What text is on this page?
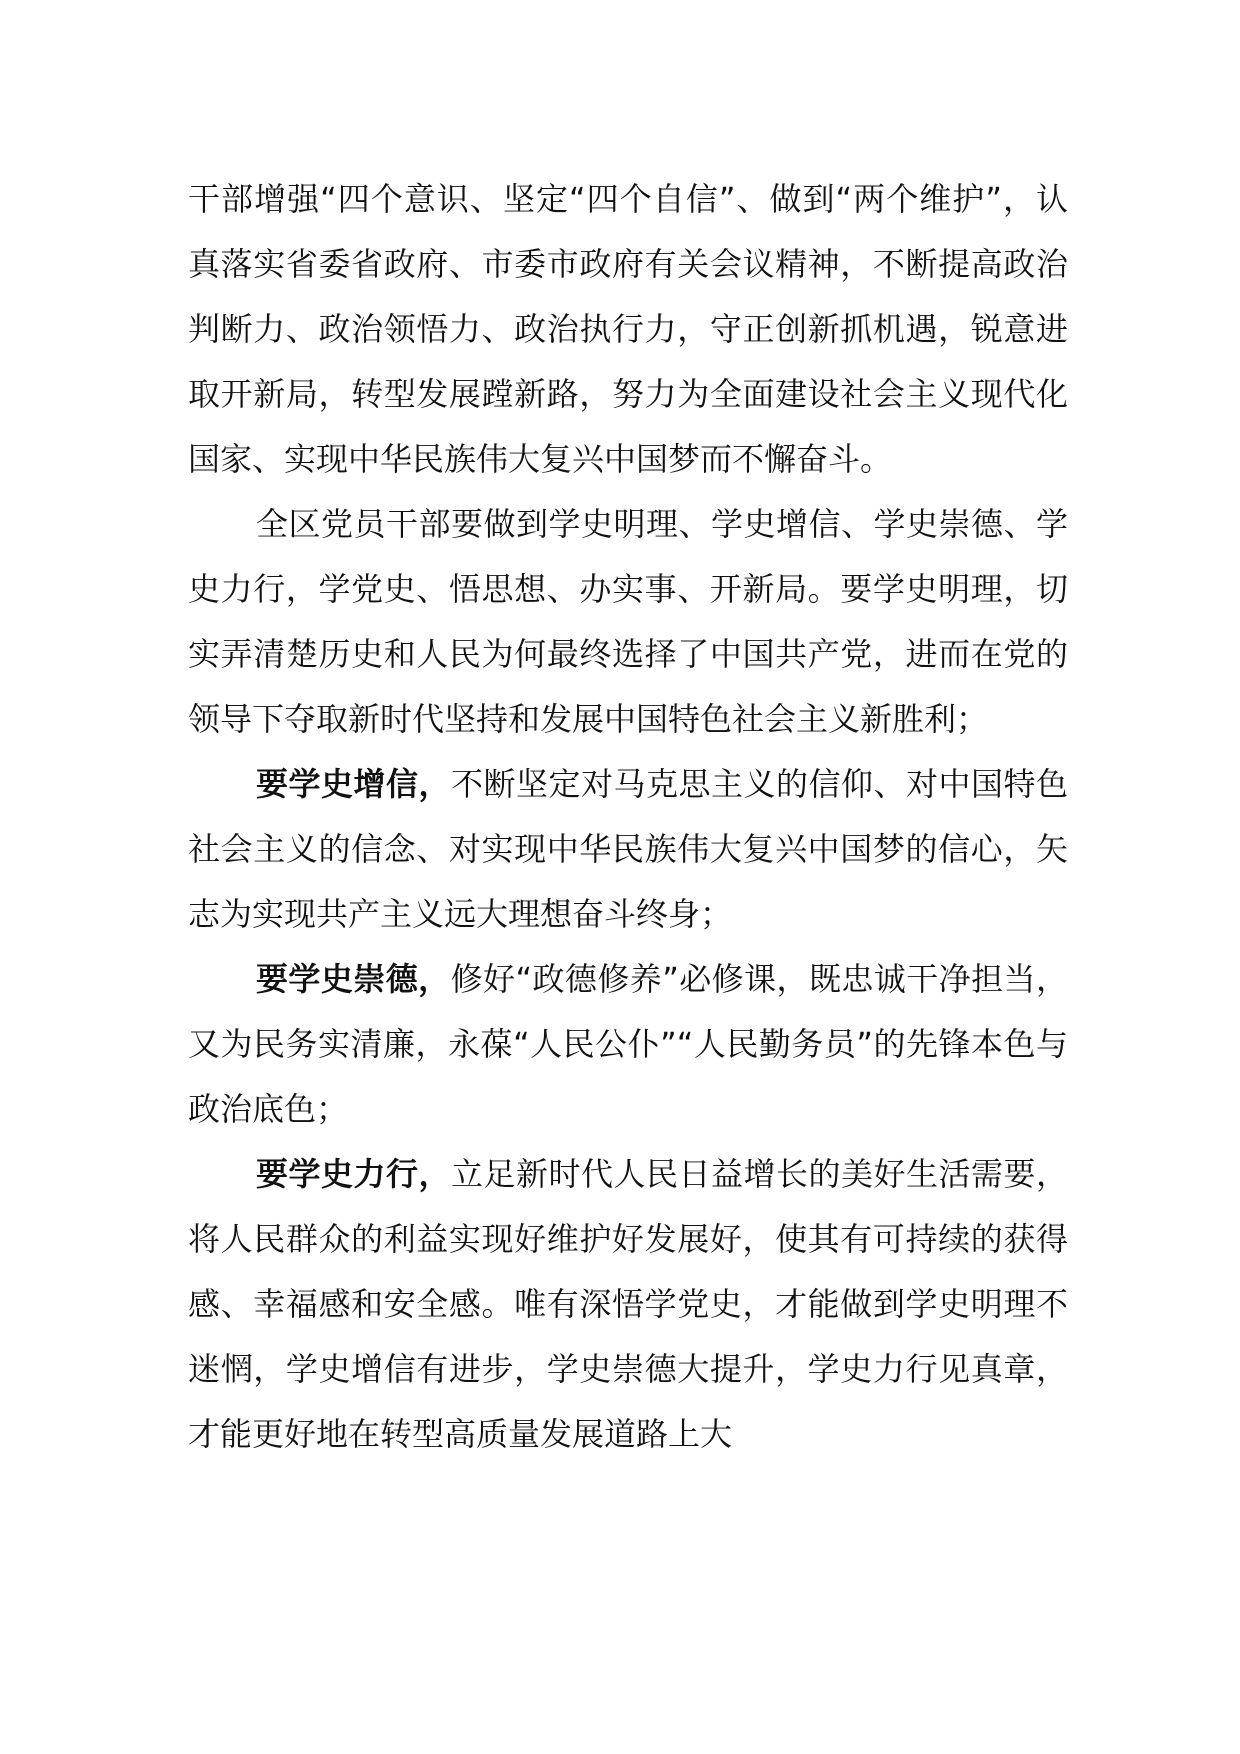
干部增强“四个意识、坚定“四个自信”、做到“两个维护”，认真落实省委省政府、市委市政府有关会议精神，不断提高政治判断力、政治领悟力、政治执行力，守正创新抓机遇，锐意进取开新局，转型发展蹚新路，努力为全面建设社会主义现代化国家、实现中华民族伟大复兴中国梦而不懈奋斗。

全区党员干部要做到学史明理、学史增信、学史崇德、学史力行，学党史、悟思想、办实事、开新局。要学史明理，切实弄清楚历史和人民为何最终选择了中国共产党，进而在党的领导下夺取新时代坚持和发展中国特色社会主义新胜利；

要学史增信，不断坚定对马克思主义的信仰、对中国特色社会主义的信念、对实现中华民族伟大复兴中国梦的信心，矢志为实现共产主义远大理想奋斗终身；

要学史崇德，修好“政德修养”必修课，既忠诚干净担当，又为民务实清廉，永葆“人民公仆”“人民勤务员”的先锋本色与政治底色；

要学史力行，立足新时代人民日益增长的美好生活需要，将人民群众的利益实现好维护好发展好，使其有可持续的获得感、幸福感和安全感。唯有深悟学党史，才能做到学史明理不迷惘，学史增信有进步，学史崇德大提升，学史力行见真章，才能更好地在转型高质量发展道路上大
